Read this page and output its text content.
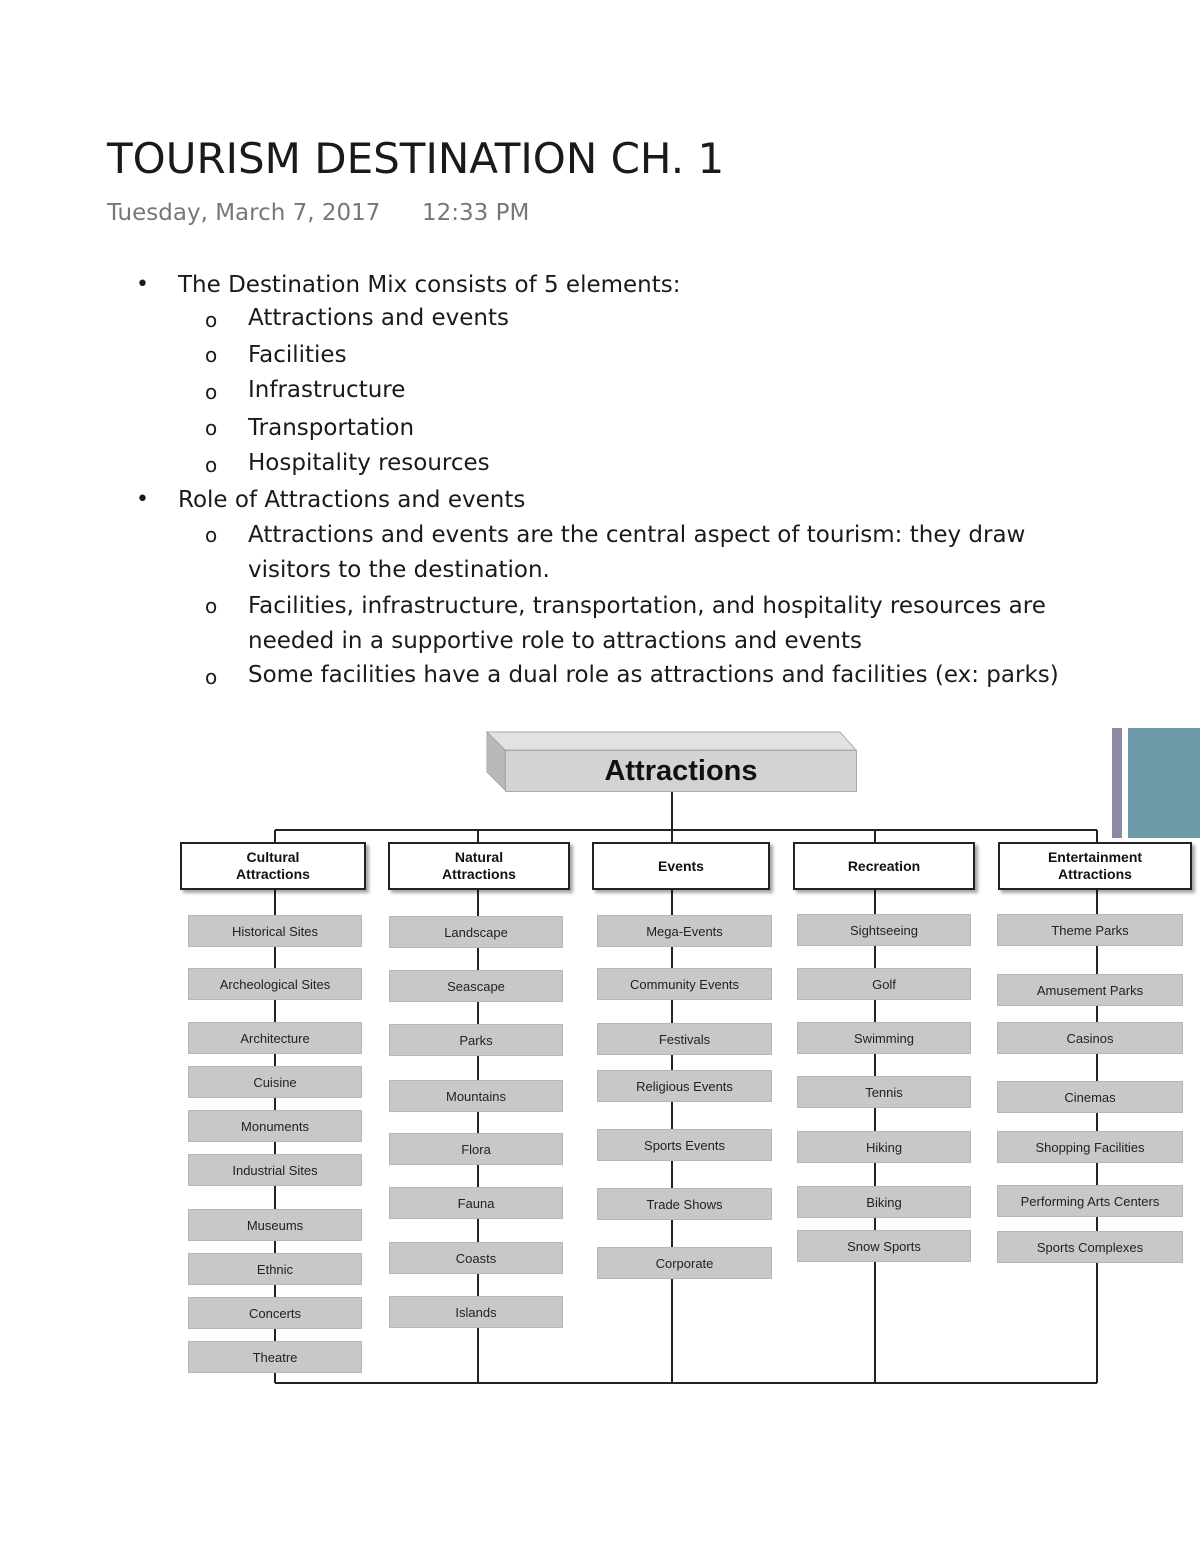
TOURISM DESTINATION CH. 1
Tuesday, March 7, 2017 12:33 PM
• The Destination Mix consists of 5 elements:
o Attractions and events
o Facilities
o Infrastructure
o Transportation
o Hospitality resources
• Role of Attractions and events
o Attractions and events are the central aspect of tourism: they draw
visitors to the destination.
o Facilities, infrastructure, transportation, and hospitality resources are
needed in a supportive role to attractions and events
o Some facilities have a dual role as attractions and facilities (ex: parks)
Attractions
Cultural
Attractions
Historical Sites
Archeological Sites
Architecture
Cuisine
Monuments
Industrial Sites
Museums
Ethnic
Concerts
Theatre
Natural
Attractions
Landscape
Seascape
Parks
Mountains
Flora
Fauna
Coasts
Islands
Events
Mega-Events
Community Events
Festivals
Religious Events
Sports Events
Trade Shows
Corporate
Recreation
Sightseeing
Golf
Swimming
Tennis
Hiking
Biking
Snow Sports
Entertainment
Attractions
Theme Parks
Amusement Parks
Casinos
Cinemas
Shopping Facilities
Performing Arts Centers
Sports Complexes
